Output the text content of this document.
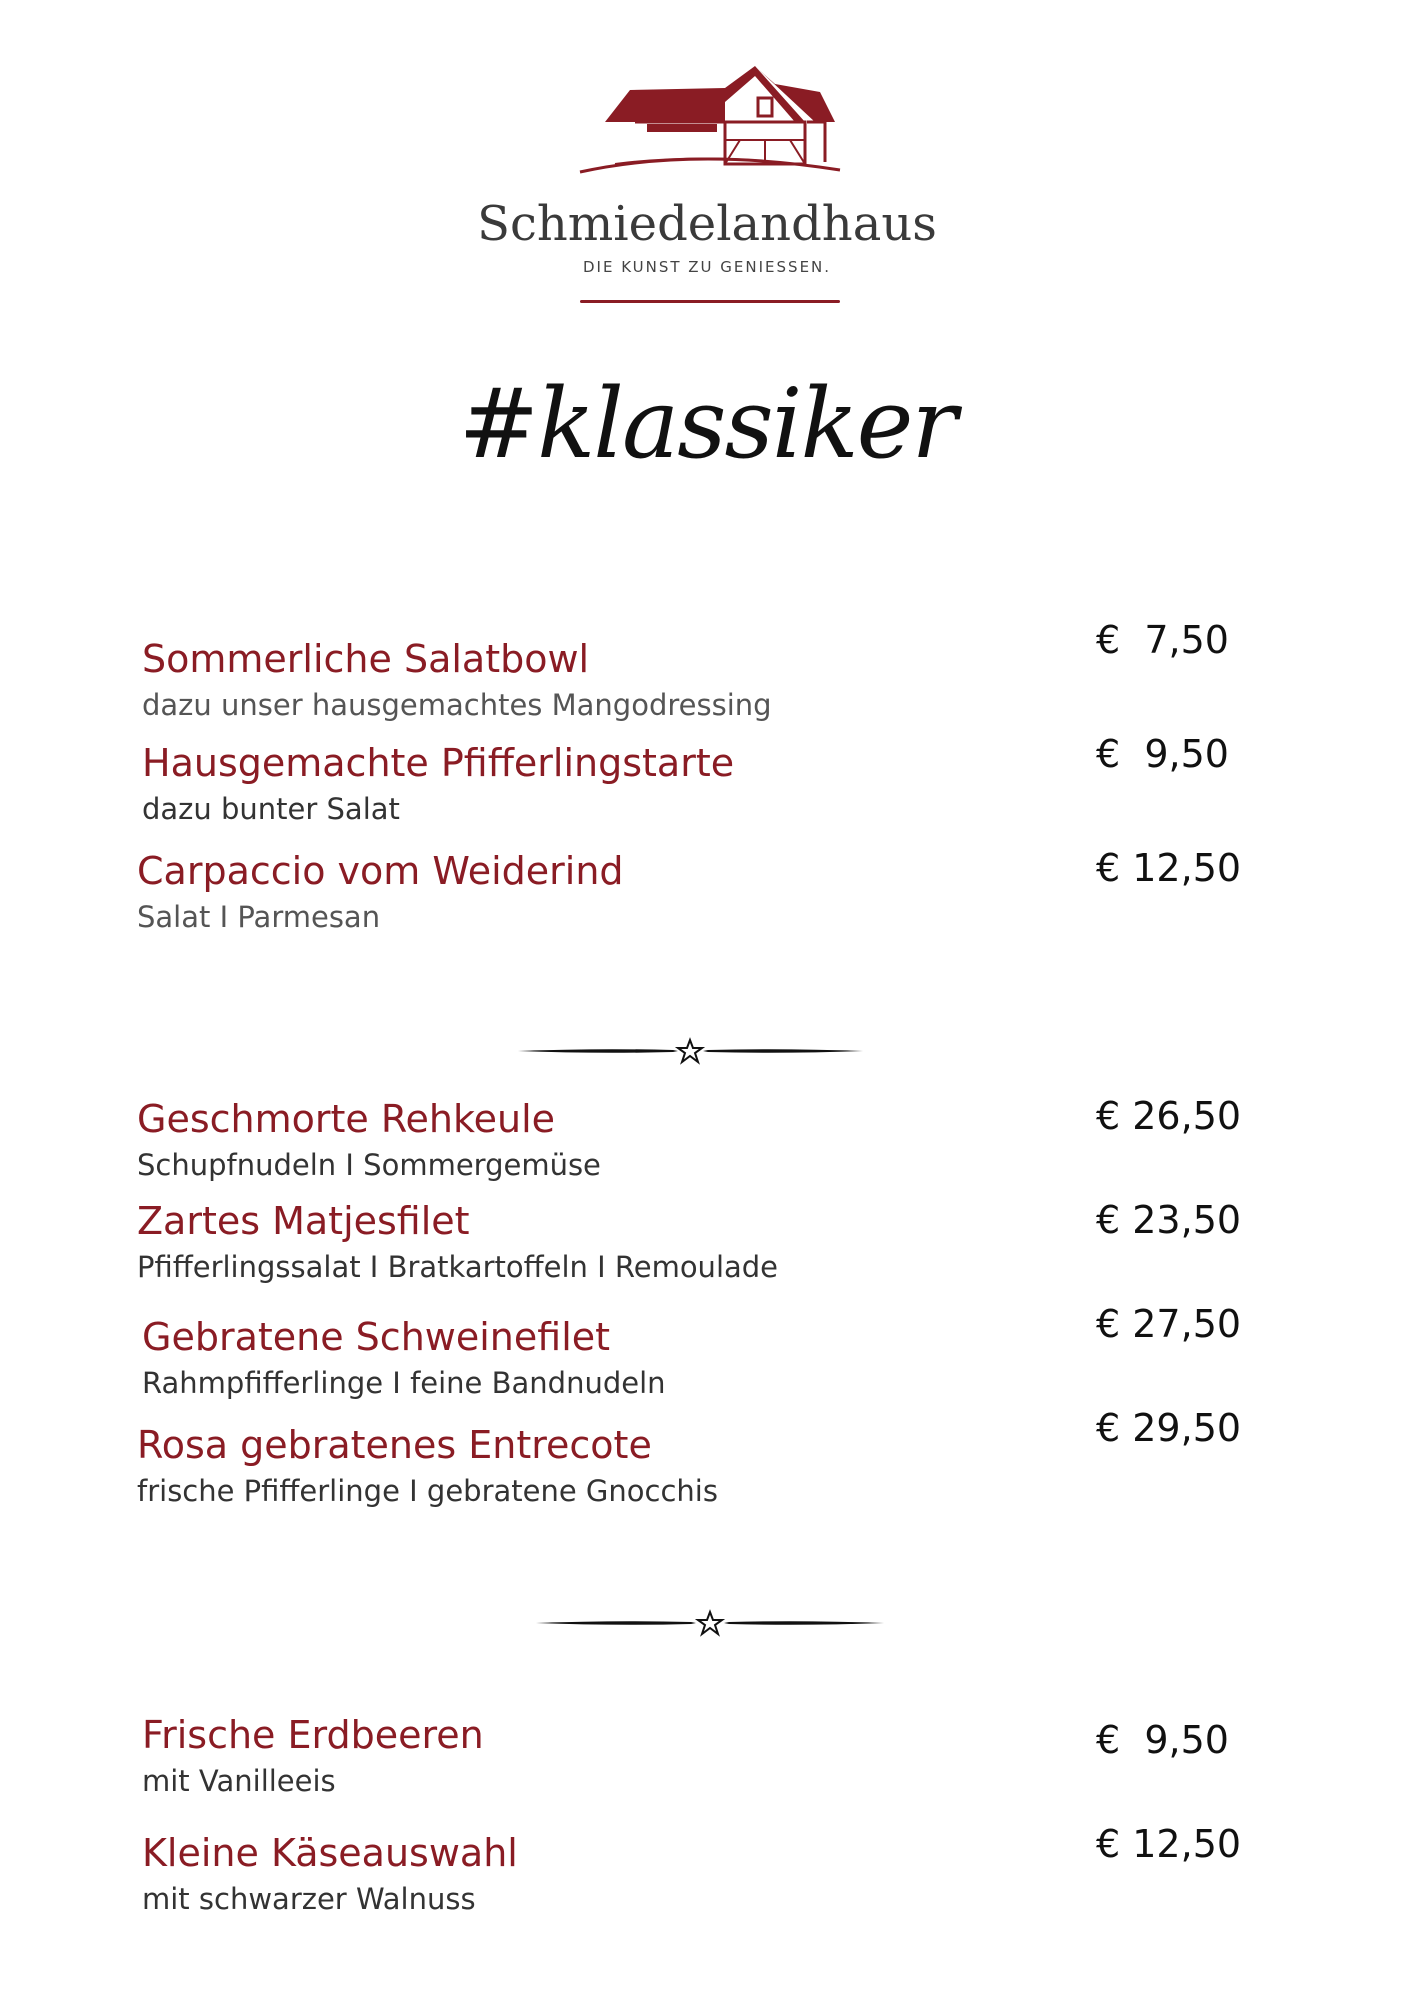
Schmiedelandhaus
DIE KUNST ZU GENIESSEN.
#klassiker
Sommerliche Salatbowl
dazu unser hausgemachtes Mangodressing
€  7,50
Hausgemachte Pfifferlingstarte
dazu bunter Salat
€  9,50
Carpaccio vom Weiderind
Salat I Parmesan
€ 12,50
Geschmorte Rehkeule
Schupfnudeln I Sommergemüse
€ 26,50
Zartes Matjesfilet
Pfifferlingssalat I Bratkartoffeln I Remoulade
€ 23,50
Gebratene Schweinefilet
Rahmpfifferlinge I feine Bandnudeln
€ 27,50
Rosa gebratenes Entrecote
frische Pfifferlinge I gebratene Gnocchis
€ 29,50
Frische Erdbeeren
mit Vanilleeis
€  9,50
Kleine Käseauswahl
mit schwarzer Walnuss
€ 12,50
